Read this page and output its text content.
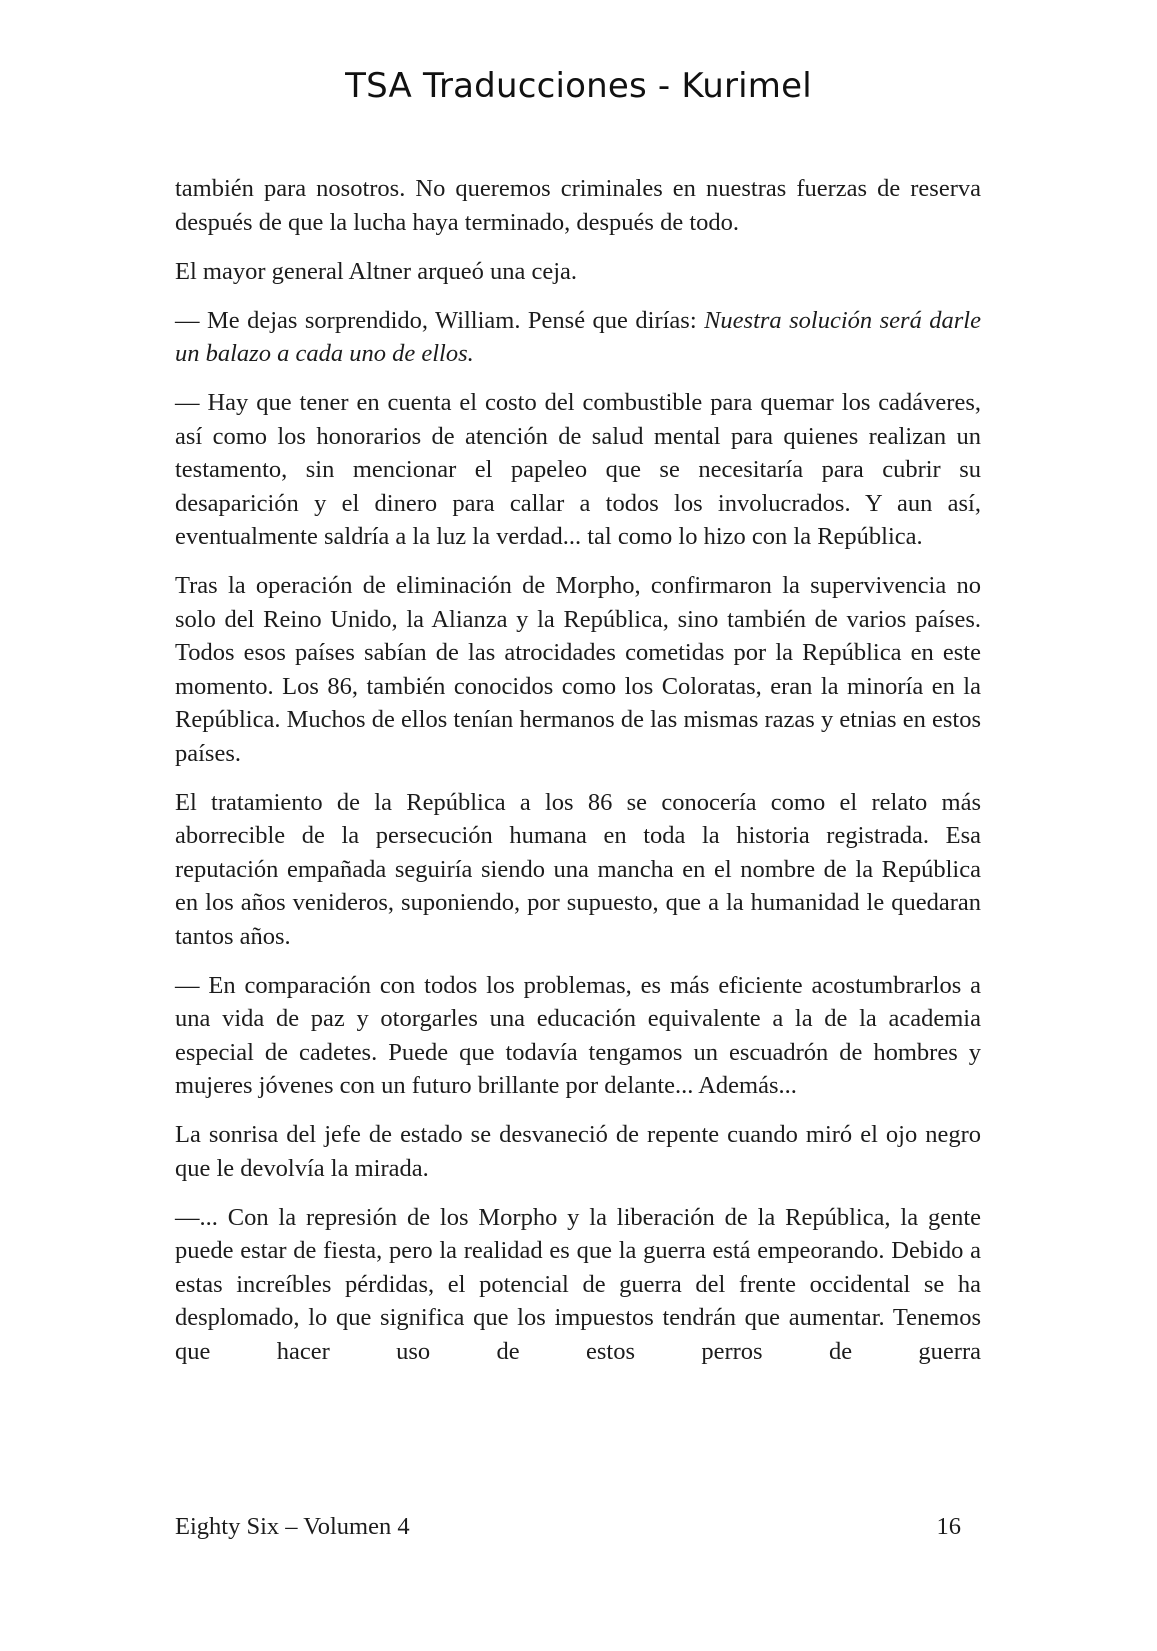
TSA Traducciones - Kurimel

también para nosotros. No queremos criminales en nuestras fuerzas de reserva después de que la lucha haya terminado, después de todo.

El mayor general Altner arqueó una ceja.

— Me dejas sorprendido, William. Pensé que dirías: Nuestra solución será darle un balazo a cada uno de ellos.

— Hay que tener en cuenta el costo del combustible para quemar los cadáveres, así como los honorarios de atención de salud mental para quienes realizan un testamento, sin mencionar el papeleo que se necesitaría para cubrir su desaparición y el dinero para callar a todos los involucrados. Y aun así, eventualmente saldría a la luz la verdad... tal como lo hizo con la República.

Tras la operación de eliminación de Morpho, confirmaron la supervivencia no solo del Reino Unido, la Alianza y la República, sino también de varios países. Todos esos países sabían de las atrocidades cometidas por la República en este momento. Los 86, también conocidos como los Coloratas, eran la minoría en la República. Muchos de ellos tenían hermanos de las mismas razas y etnias en estos países.

El tratamiento de la República a los 86 se conocería como el relato más aborrecible de la persecución humana en toda la historia registrada. Esa reputación empañada seguiría siendo una mancha en el nombre de la República en los años venideros, suponiendo, por supuesto, que a la humanidad le quedaran tantos años.

— En comparación con todos los problemas, es más eficiente acostumbrarlos a una vida de paz y otorgarles una educación equivalente a la de la academia especial de cadetes. Puede que todavía tengamos un escuadrón de hombres y mujeres jóvenes con un futuro brillante por delante... Además...

La sonrisa del jefe de estado se desvaneció de repente cuando miró el ojo negro que le devolvía la mirada.

—... Con la represión de los Morpho y la liberación de la República, la gente puede estar de fiesta, pero la realidad es que la guerra está empeorando. Debido a estas increíbles pérdidas, el potencial de guerra del frente occidental se ha desplomado, lo que significa que los impuestos tendrán que aumentar. Tenemos que hacer uso de estos perros de guerra

Eighty Six – Volumen 4	16
